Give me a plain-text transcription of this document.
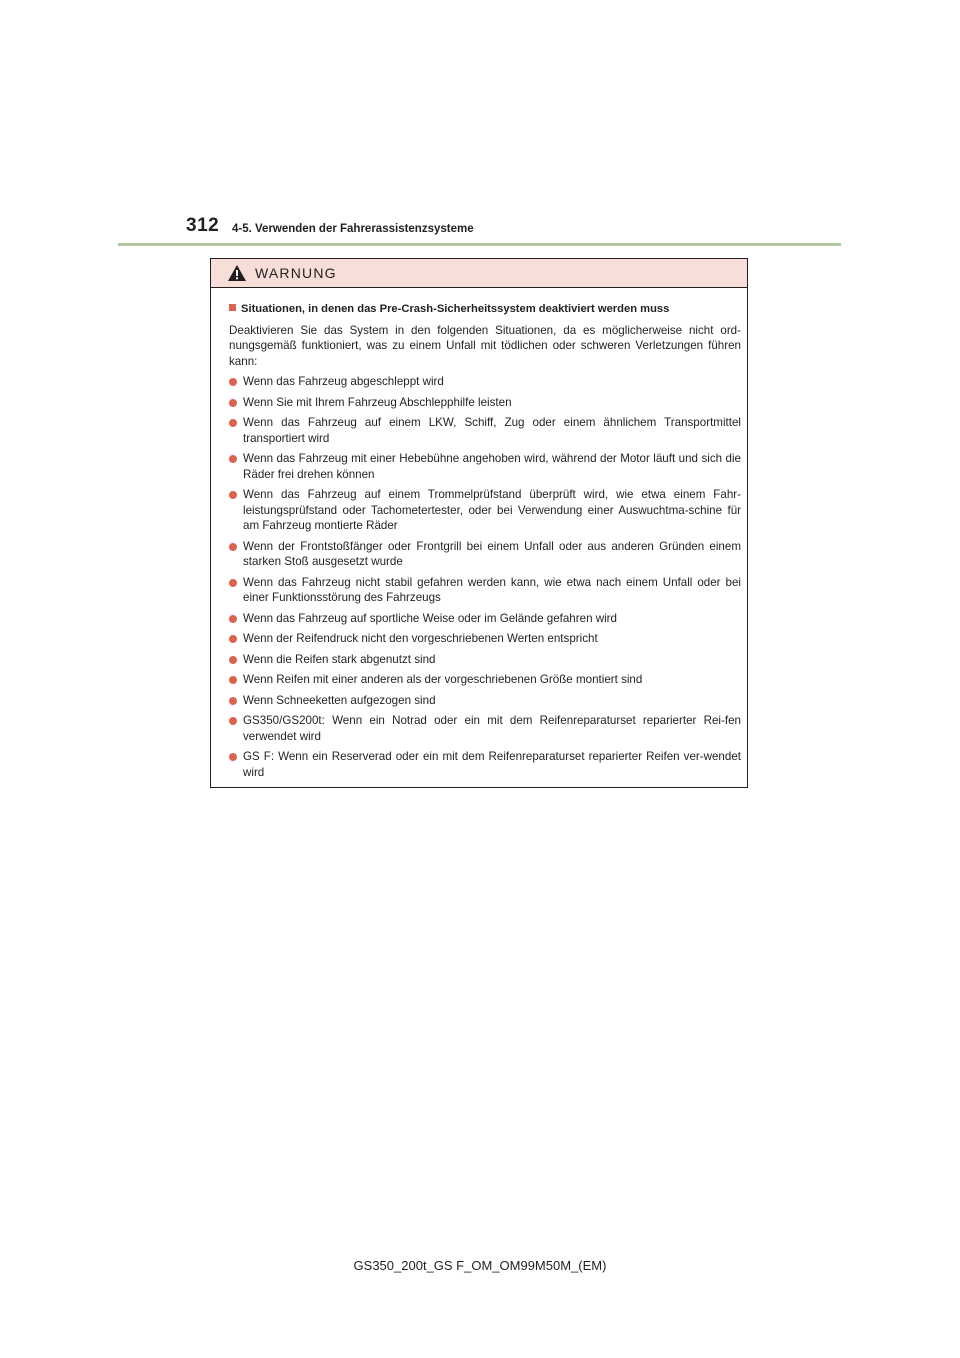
312 4-5. Verwenden der Fahrerassistenzsysteme
WARNUNG
Situationen, in denen das Pre-Crash-Sicherheitssystem deaktiviert werden muss
Deaktivieren Sie das System in den folgenden Situationen, da es möglicherweise nicht ord-nungsgemäß funktioniert, was zu einem Unfall mit tödlichen oder schweren Verletzungen führen kann:
Wenn das Fahrzeug abgeschleppt wird
Wenn Sie mit Ihrem Fahrzeug Abschlepphilfe leisten
Wenn das Fahrzeug auf einem LKW, Schiff, Zug oder einem ähnlichem Transportmittel transportiert wird
Wenn das Fahrzeug mit einer Hebebühne angehoben wird, während der Motor läuft und sich die Räder frei drehen können
Wenn das Fahrzeug auf einem Trommelprüfstand überprüft wird, wie etwa einem Fahr-leistungsprüfstand oder Tachometertester, oder bei Verwendung einer Auswuchtma-schine für am Fahrzeug montierte Räder
Wenn der Frontstoßfänger oder Frontgrill bei einem Unfall oder aus anderen Gründen einem starken Stoß ausgesetzt wurde
Wenn das Fahrzeug nicht stabil gefahren werden kann, wie etwa nach einem Unfall oder bei einer Funktionsstörung des Fahrzeugs
Wenn das Fahrzeug auf sportliche Weise oder im Gelände gefahren wird
Wenn der Reifendruck nicht den vorgeschriebenen Werten entspricht
Wenn die Reifen stark abgenutzt sind
Wenn Reifen mit einer anderen als der vorgeschriebenen Größe montiert sind
Wenn Schneeketten aufgezogen sind
GS350/GS200t: Wenn ein Notrad oder ein mit dem Reifenreparaturset reparierter Rei-fen verwendet wird
GS F: Wenn ein Reserverad oder ein mit dem Reifenreparaturset reparierter Reifen ver-wendet wird
GS350_200t_GS F_OM_OM99M50M_(EM)
